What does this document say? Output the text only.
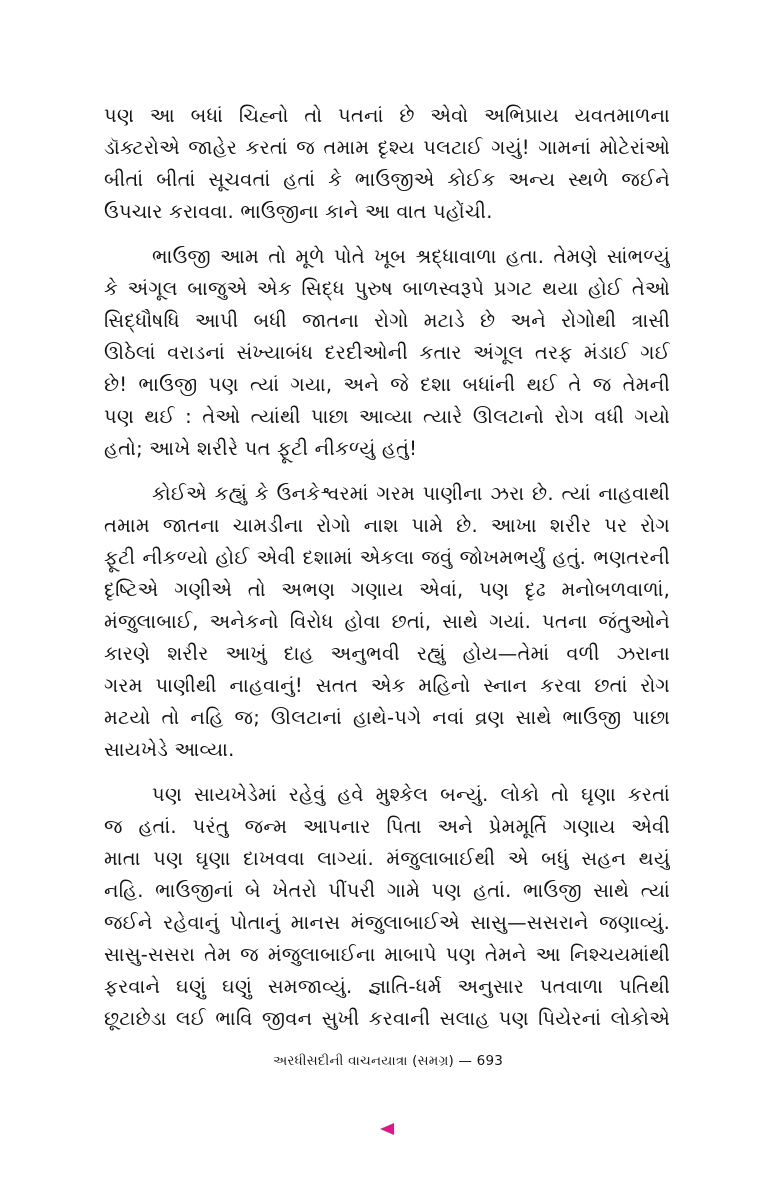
પણ આ બધાં ચિહ્નો તો પતનાં છે એવો અભિપ્રાય યવતમાળના
ડૉક્ટરોએ જાહેર કરતાં જ તમામ દૃશ્ય પલટાઈ ગયું! ગામનાં મોટેરાંઓ
બીતાં બીતાં સૂચવતાં હતાં કે ભાઉજીએ કોઈક અન્ય સ્થળે જઈને
ઉપચાર કરાવવા. ભાઉજીના કાને આ વાત પહોંચી.

ભાઉજી આમ તો મૂળે પોતે ખૂબ શ્રદ્ધાવાળા હતા. તેમણે સાંભળ્યું
કે અંગૂલ બાજુએ એક સિદ્ધ પુરુષ બાળસ્વરૂપે પ્રગટ થયા હોઈ તેઓ
સિદ્ધૌષધિ આપી બધી જાતના રોગો મટાડે છે અને રોગોથી ત્રાસી
ઊઠેલાં વરાડનાં સંખ્યાબંધ દરદીઓની કતાર અંગૂલ તરફ મંડાઈ ગઈ
છે! ભાઉજી પણ ત્યાં ગયા, અને જે દશા બધાંની થઈ તે જ તેમની
પણ થઈ : તેઓ ત્યાંથી પાછા આવ્યા ત્યારે ઊલટાનો રોગ વધી ગયો
હતો; આખે શરીરે પત ફૂટી નીકળ્યું હતું!

કોઈએ કહ્યું કે ઉનકેશ્વરમાં ગરમ પાણીના ઝરા છે. ત્યાં નાહવાથી
તમામ જાતના ચામડીના રોગો નાશ પામે છે. આખા શરીર પર રોગ
ફૂટી નીકળ્યો હોઈ એવી દશામાં એકલા જવું જોખમભર્યું હતું. ભણતરની
દૃષ્ટિએ ગણીએ તો અભણ ગણાય એવાં, પણ દૃઢ મનોબળવાળાં,
મંજુલાબાઈ, અનેકનો વિરોધ હોવા છતાં, સાથે ગયાં. પતના જંતુઓને
કારણે શરીર આખું દાહ અનુભવી રહ્યું હોય—તેમાં વળી ઝરાના
ગરમ પાણીથી નાહવાનું! સતત એક મહિનો સ્નાન કરવા છતાં રોગ
મટયો તો નહિ જ; ઊલટાનાં હાથે-પગે નવાં વ્રણ સાથે ભાઉજી પાછા
સાયખેડે આવ્યા.

પણ સાયખેડેમાં રહેવું હવે મુશ્કેલ બન્યું. લોકો તો ઘૃણા કરતાં
જ હતાં. પરંતુ જન્મ આપનાર પિતા અને પ્રેમમૂર્તિ ગણાય એવી
માતા પણ ઘૃણા દાખવવા લાગ્યાં. મંજુલાબાઈથી એ બધું સહન થયું
નહિ. ભાઉજીનાં બે ખેતરો પીંપરી ગામે પણ હતાં. ભાઉજી સાથે ત્યાં
જઈને રહેવાનું પોતાનું માનસ મંજુલાબાઈએ સાસુ—સસરાને જણાવ્યું.
સાસુ-સસરા તેમ જ મંજુલાબાઈના માબાપે પણ તેમને આ નિશ્ચયમાંથી
ફરવાને ઘણું ઘણું સમજાવ્યું. જ્ઞાતિ-ધર્મ અનુસાર પતવાળા પતિથી
છૂટાછેડા લઈ ભાવિ જીવન સુખી કરવાની સલાહ પણ પિયેરનાં લોકોએ

અરધીસદીની વાચનયાત્રા (સમગ્ર) — 693
